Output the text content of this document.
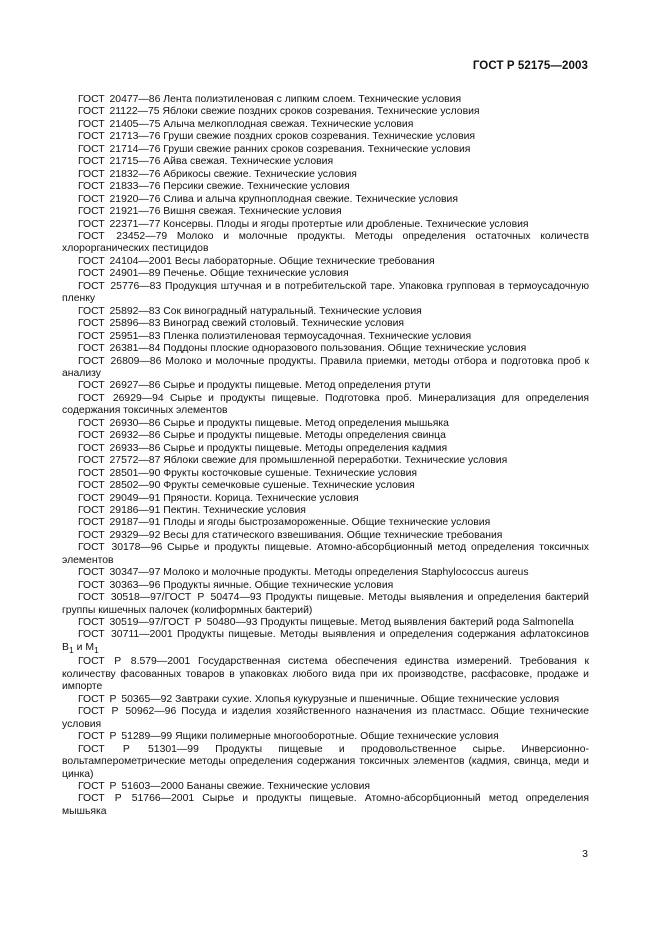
ГОСТ Р 52175—2003

ГОСТ 20477—86 Лента полиэтиленовая с липким слоем. Технические условия

ГОСТ 21122—75 Яблоки свежие поздних сроков созревания. Технические условия

ГОСТ 21405—75 Алыча мелкоплодная свежая. Технические условия

ГОСТ 21713—76 Груши свежие поздних сроков созревания. Технические условия

ГОСТ 21714—76 Груши свежие ранних сроков созревания. Технические условия

ГОСТ 21715—76 Айва свежая. Технические условия

ГОСТ 21832—76 Абрикосы свежие. Технические условия

ГОСТ 21833—76 Персики свежие. Технические условия

ГОСТ 21920—76 Слива и алыча крупноплодная свежие. Технические условия

ГОСТ 21921—76 Вишня свежая. Технические условия

ГОСТ 22371—77 Консервы. Плоды и ягоды протертые или дробленые. Технические условия

ГОСТ 23452—79 Молоко и молочные продукты. Методы определения остаточных количеств хлорорганических пестицидов

ГОСТ 24104—2001 Весы лабораторные. Общие технические требования

ГОСТ 24901—89 Печенье. Общие технические условия

ГОСТ 25776—83 Продукция штучная и в потребительской таре. Упаковка групповая в термоусадочную пленку

ГОСТ 25892—83 Сок виноградный натуральный. Технические условия

ГОСТ 25896—83 Виноград свежий столовый. Технические условия

ГОСТ 25951—83 Пленка полиэтиленовая термоусадочная. Технические условия

ГОСТ 26381—84 Поддоны плоские одноразового пользования. Общие технические условия

ГОСТ 26809—86 Молоко и молочные продукты. Правила приемки, методы отбора и подготовка проб к анализу

ГОСТ 26927—86 Сырье и продукты пищевые. Метод определения ртути

ГОСТ 26929—94 Сырье и продукты пищевые. Подготовка проб. Минерализация для определения содержания токсичных элементов

ГОСТ 26930—86 Сырье и продукты пищевые. Метод определения мышьяка

ГОСТ 26932—86 Сырье и продукты пищевые. Методы определения свинца

ГОСТ 26933—86 Сырье и продукты пищевые. Методы определения кадмия

ГОСТ 27572—87 Яблоки свежие для промышленной переработки. Технические условия

ГОСТ 28501—90 Фрукты косточковые сушеные. Технические условия

ГОСТ 28502—90 Фрукты семечковые сушеные. Технические условия

ГОСТ 29049—91 Пряности. Корица. Технические условия

ГОСТ 29186—91 Пектин. Технические условия

ГОСТ 29187—91 Плоды и ягоды быстрозамороженные. Общие технические условия

ГОСТ 29329—92 Весы для статического взвешивания. Общие технические требования

ГОСТ 30178—96 Сырье и продукты пищевые. Атомно-абсорбционный метод определения токсичных элементов

ГОСТ 30347—97 Молоко и молочные продукты. Методы определения Staphylococcus aureus

ГОСТ 30363—96 Продукты яичные. Общие технические условия

ГОСТ 30518—97/ГОСТ Р 50474—93 Продукты пищевые. Методы выявления и определения бактерий группы кишечных палочек (колиформных бактерий)

ГОСТ 30519—97/ГОСТ Р 50480—93 Продукты пищевые. Метод выявления бактерий рода Salmonella

ГОСТ 30711—2001 Продукты пищевые. Методы выявления и определения содержания афлатоксинов $B_1$ и $M_1$

ГОСТ Р 8.579—2001 Государственная система обеспечения единства измерений. Требования к количеству фасованных товаров в упаковках любого вида при их производстве, расфасовке, продаже и импорте

ГОСТ Р 50365—92 Завтраки сухие. Хлопья кукурузные и пшеничные. Общие технические условия

ГОСТ Р 50962—96 Посуда и изделия хозяйственного назначения из пластмасс. Общие технические условия

ГОСТ Р 51289—99 Ящики полимерные многооборотные. Общие технические условия

ГОСТ Р 51301—99 Продукты пищевые и продовольственное сырье. Инверсионно-вольтамперометрические методы определения содержания токсичных элементов (кадмия, свинца, меди и цинка)

ГОСТ Р 51603—2000 Бананы свежие. Технические условия

ГОСТ Р 51766—2001 Сырье и продукты пищевые. Атомно-абсорбционный метод определения мышьяка

3
